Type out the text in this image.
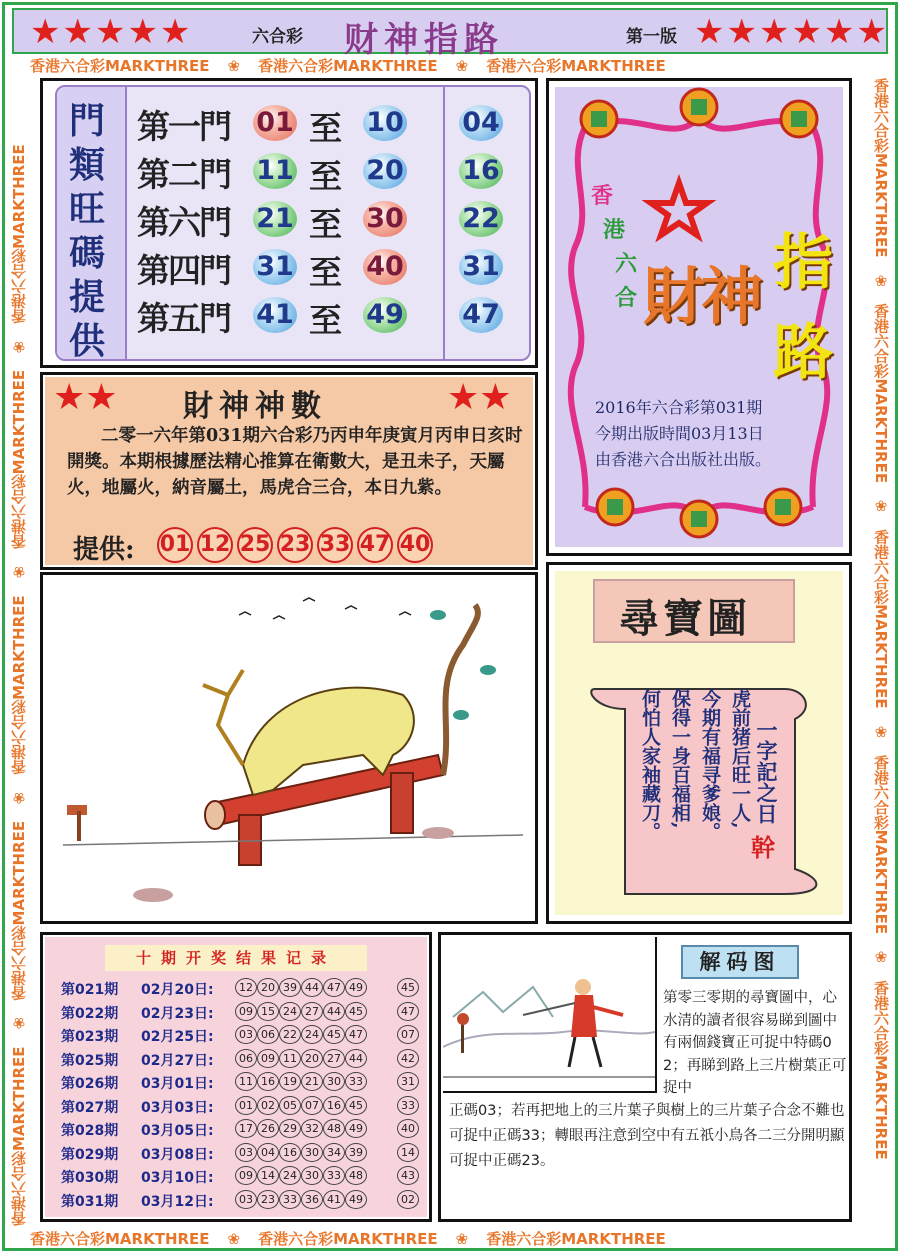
★★★★★	六合彩 财神指路	第一版 ★★★★★★
香港六合彩MARKTHREE ❀ 香港六合彩MARKTHREE ❀ 香港六合彩MARKTHREE
香港六合彩MARKTHREE ❀ 香港六合彩MARKTHREE ❀ 香港六合彩MARKTHREE
香港六合彩MARKTHREE❀香港六合彩MARKTHREE❀香港六合彩MARKTHREE❀香港六合彩MARKTHREE❀香港六合彩MARKTHREE	香港六合彩MARKTHREE❀香港六合彩MARKTHREE❀香港六合彩MARKTHREE❀香港六合彩MARKTHREE❀香港六合彩MARKTHREE
門
類
旺
碼
提
供
第一門 01 至 10 04
第二門 11 至 20 16
第六門 21 至 30 22
第四門 31 至 40 31
第五門 41 至 49 47
香
港
六
合 財神 指
路
2016年六合彩第031期
今期出版時間03月13日
由香港六合出版社出版。
★★ 財神神數	★★
二零一六年第031期六合彩乃丙申年庚寅月丙申日亥时開獎。本期根據歷法精心推算在衛數大，是丑未子，天屬火，地屬火，納音屬土，馬虎合三合，本日九紫。
提供: 01 12 25 23 33 47 40
尋寶圖
虎前猪后旺一人,
今期有福寻爹娘。
保得一身百福相,
何怕人家袖藏刀。	一字記之日
幹
十期开奖结果记录
第021期 02月20日:	12 20 39 44 47 49	45
第022期 02月23日:	09 15 24 27 44 45	47
第023期 02月25日:	03 06 22 24 45 47	07
第025期 02月27日:	06 09 11 20 27 44	42
第026期 03月01日:	11 16 19 21 30 33	31
第027期 03月03日:	01 02 05 07 16 45	33
第028期 03月05日:	17 26 29 32 48 49	40
第029期 03月08日:	03 04 16 30 34 39	14
第030期 03月10日:	09 14 24 30 33 48	43
第031期 03月12日:	03 23 33 36 41 49	02
解码图
第零三零期的尋寶圖中，心水清的讀者很容易睇到圖中有兩個錢寶正可捉中特碼02；再睇到路上三片樹葉正可捉中
正碼03；若再把地上的三片葉子與樹上的三片葉子合念不難也可捉中正碼33；轉眼再注意到空中有五祇小鳥各二三分開明顯可捉中正碼23。
